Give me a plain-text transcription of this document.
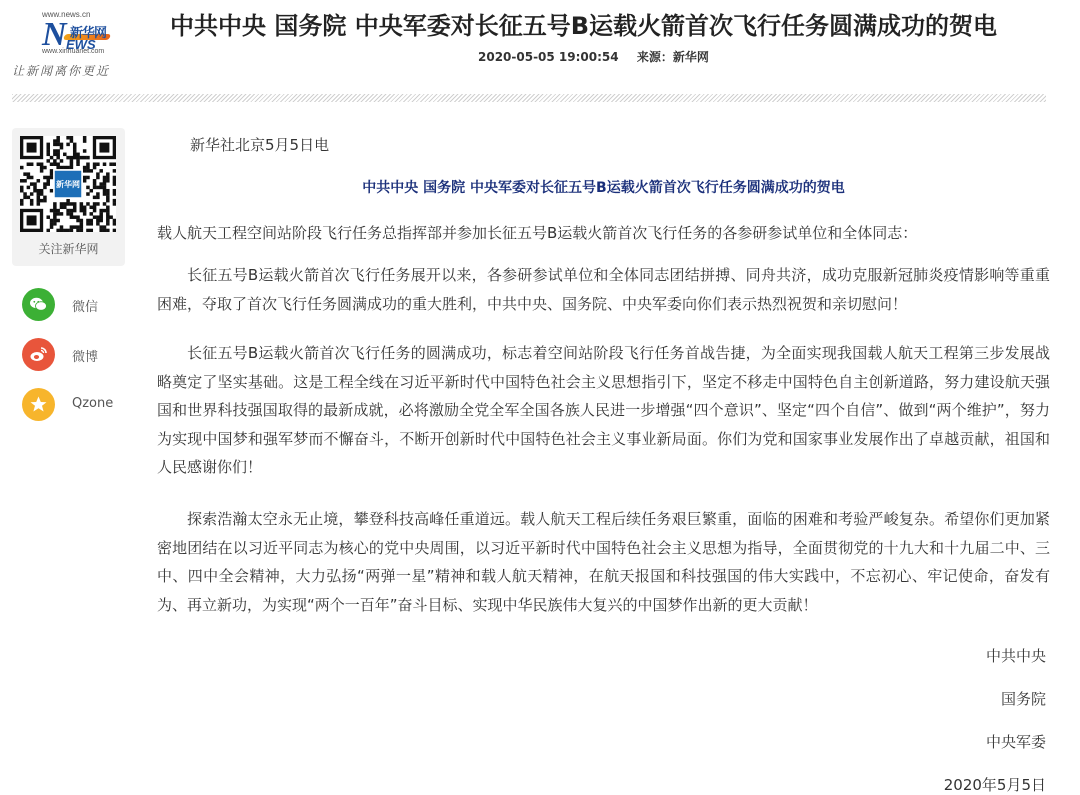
www.news.cn
N 新华网
EWS
www.xinhuanet.com
让新闻离你更近
中共中央 国务院 中央军委对长征五号B运载火箭首次飞行任务圆满成功的贺电
2020-05-05 19:00:54 来源：新华网
新华网
关注新华网
微信
微博
Qzone
新华社北京5月5日电
中共中央 国务院 中央军委对长征五号B运载火箭首次飞行任务圆满成功的贺电

载人航天工程空间站阶段飞行任务总指挥部并参加长征五号B运载火箭首次飞行任务的各参研参试单位和全体同志：

长征五号B运载火箭首次飞行任务展开以来，各参研参试单位和全体同志团结拼搏、同舟共济，成功克服新冠肺炎疫情影响等重重困难，夺取了首次飞行任务圆满成功的重大胜利，中共中央、国务院、中央军委向你们表示热烈祝贺和亲切慰问！

长征五号B运载火箭首次飞行任务的圆满成功，标志着空间站阶段飞行任务首战告捷，为全面实现我国载人航天工程第三步发展战略奠定了坚实基础。这是工程全线在习近平新时代中国特色社会主义思想指引下，坚定不移走中国特色自主创新道路，努力建设航天强国和世界科技强国取得的最新成就，必将激励全党全军全国各族人民进一步增强“四个意识”、坚定“四个自信”、做到“两个维护”，努力为实现中国梦和强军梦而不懈奋斗，不断开创新时代中国特色社会主义事业新局面。你们为党和国家事业发展作出了卓越贡献，祖国和人民感谢你们！

探索浩瀚太空永无止境，攀登科技高峰任重道远。载人航天工程后续任务艰巨繁重，面临的困难和考验严峻复杂。希望你们更加紧密地团结在以习近平同志为核心的党中央周围，以习近平新时代中国特色社会主义思想为指导，全面贯彻党的十九大和十九届二中、三中、四中全会精神，大力弘扬“两弹一星”精神和载人航天精神，在航天报国和科技强国的伟大实践中，不忘初心、牢记使命，奋发有为、再立新功，为实现“两个一百年”奋斗目标、实现中华民族伟大复兴的中国梦作出新的更大贡献！

中共中央
国务院
中央军委
2020年5月5日
